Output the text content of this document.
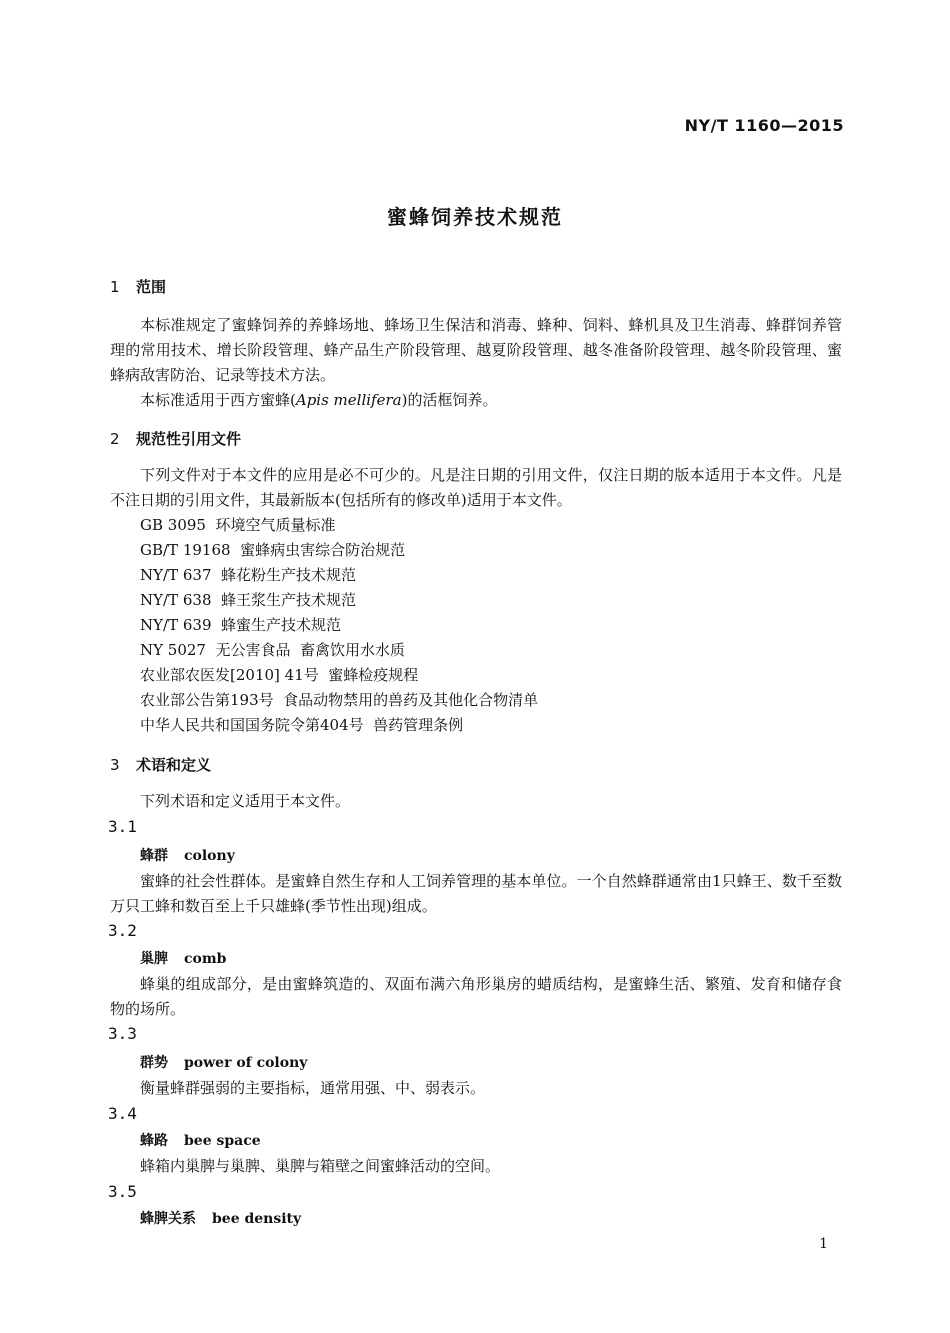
NY/T 1160—2015
蜜蜂饲养技术规范
1 范围
本标准规定了蜜蜂饲养的养蜂场地、蜂场卫生保洁和消毒、蜂种、饲料、蜂机具及卫生消毒、蜂群饲养管理的常用技术、增长阶段管理、蜂产品生产阶段管理、越夏阶段管理、越冬准备阶段管理、越冬阶段管理、蜜蜂病敌害防治、记录等技术方法。
本标准适用于西方蜜蜂(Apis mellifera)的活框饲养。
2 规范性引用文件
下列文件对于本文件的应用是必不可少的。凡是注日期的引用文件，仅注日期的版本适用于本文件。凡是不注日期的引用文件，其最新版本(包括所有的修改单)适用于本文件。
GB 3095  环境空气质量标准
GB/T 19168  蜜蜂病虫害综合防治规范
NY/T 637  蜂花粉生产技术规范
NY/T 638  蜂王浆生产技术规范
NY/T 639  蜂蜜生产技术规范
NY 5027  无公害食品  畜禽饮用水水质
农业部农医发[2010] 41号  蜜蜂检疫规程
农业部公告第193号  食品动物禁用的兽药及其他化合物清单
中华人民共和国国务院令第404号  兽药管理条例
3 术语和定义
下列术语和定义适用于本文件。
3.1
蜂群 colony
蜜蜂的社会性群体。是蜜蜂自然生存和人工饲养管理的基本单位。一个自然蜂群通常由1只蜂王、数千至数万只工蜂和数百至上千只雄蜂(季节性出现)组成。
3.2
巢脾 comb
蜂巢的组成部分，是由蜜蜂筑造的、双面布满六角形巢房的蜡质结构，是蜜蜂生活、繁殖、发育和储存食物的场所。
3.3
群势 power of colony
衡量蜂群强弱的主要指标，通常用强、中、弱表示。
3.4
蜂路 bee space
蜂箱内巢脾与巢脾、巢脾与箱壁之间蜜蜂活动的空间。
3.5
蜂脾关系 bee density
1
